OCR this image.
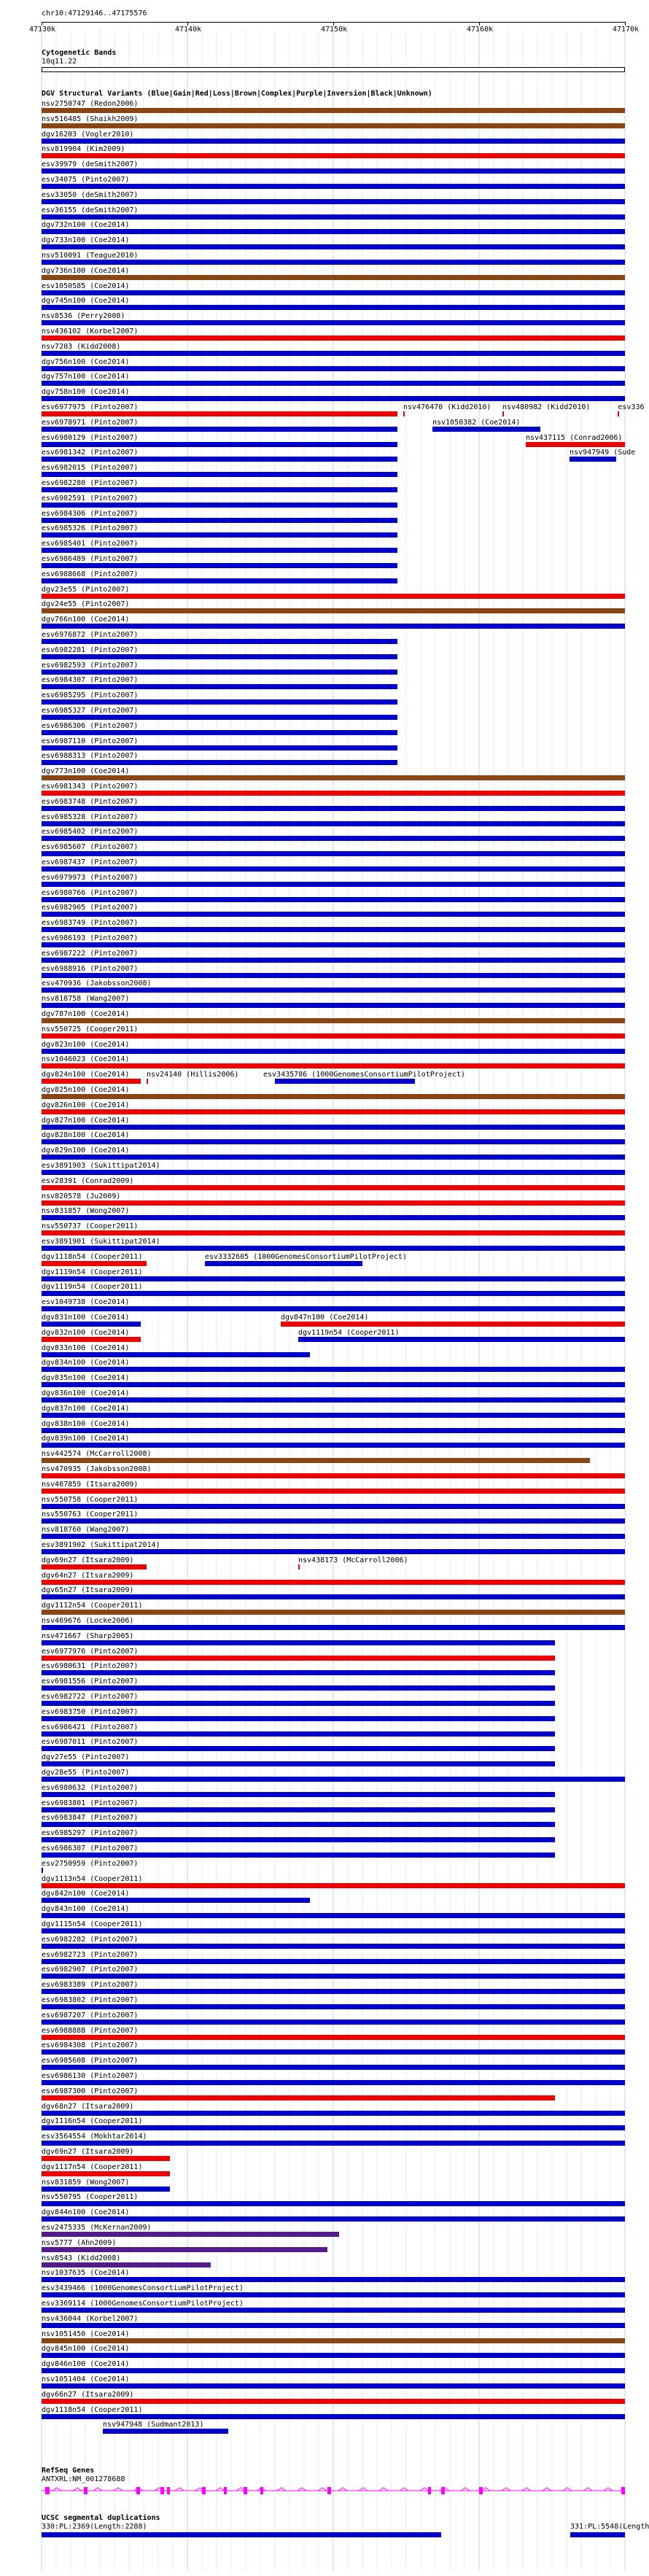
chr10:47129146..47175576
47130k	47140k	47150k	47160k	47170k
Cytogenetic Bands
10q11.22
DGV Structural Variants (Blue|Gain|Red|Loss|Brown|Complex|Purple|Inversion|Black|Unknown)
nsv2750747 (Redon2006)
nsv516485 (Shaikh2009)
dgv16203 (Vogler2010)
nsv819904 (Kim2009)
esv39979 (deSmith2007)
esv34075 (Pinto2007)
esv33050 (deSmith2007)
esv36155 (deSmith2007)
dgv732n100 (Coe2014)
dgv733n100 (Coe2014)
nsv510091 (Teague2010)
dgv736n100 (Coe2014)
esv1050585 (Coe2014)
dgv745n100 (Coe2014)
nsv8536 (Perry2008)
nsv436102 (Korbel2007)
nsv7203 (Kidd2008)
dgv756n100 (Coe2014)
dgv757n100 (Coe2014)
dgv758n100 (Coe2014)
esv6977975 (Pinto2007)	nsv476470 (Kidd2010) nsv480982 (Kidd2010)	esv336
esv6978971 (Pinto2007)	nsv1050382 (Coe2014)
esv6980129 (Pinto2007)	nsv437115 (Conrad2006)
esv6981342 (Pinto2007)	nsv947949 (Sude
esv6982015 (Pinto2007)
esv6982280 (Pinto2007)
esv6982591 (Pinto2007)
esv6984306 (Pinto2007)
esv6985326 (Pinto2007)
esv6985401 (Pinto2007)
esv6986489 (Pinto2007)
esv6988668 (Pinto2007)
dgv23e55 (Pinto2007)
dgv24e55 (Pinto2007)
dgv766n100 (Coe2014)
esv6976872 (Pinto2007)
esv6982281 (Pinto2007)
esv6982593 (Pinto2007)
esv6984307 (Pinto2007)
esv6985295 (Pinto2007)
esv6985327 (Pinto2007)
esv6986306 (Pinto2007)
esv6987110 (Pinto2007)
esv6988313 (Pinto2007)
dgv773n100 (Coe2014)
esv6981343 (Pinto2007)
esv6983748 (Pinto2007)
esv6985328 (Pinto2007)
esv6985402 (Pinto2007)
esv6985607 (Pinto2007)
esv6987437 (Pinto2007)
esv6979973 (Pinto2007)
esv6980766 (Pinto2007)
esv6982905 (Pinto2007)
esv6983749 (Pinto2007)
esv6986193 (Pinto2007)
esv6987222 (Pinto2007)
esv6988916 (Pinto2007)
esv470936 (Jakobsson2008)
nsv818758 (Wang2007)
dgv787n100 (Coe2014)
nsv550725 (Cooper2011)
dgv823n100 (Coe2014)
nsv1046023 (Coe2014)
dgv824n100 (Coe2014) nsv24140 (Hillis2006)	esv3435786 (1000GenomesConsortiumPilotProject)
dgv825n100 (Coe2014)
dgv826n100 (Coe2014)
dgv827n100 (Coe2014)
dgv828n100 (Coe2014)
dgv829n100 (Coe2014)
esv3891903 (Sukittipat2014)
esv28391 (Conrad2009)
nsv820578 (Ju2009)
nsv831857 (Wong2007)
nsv550737 (Cooper2011)
esv3891901 (Sukittipat2014)
dgv1118n54 (Cooper2011)	esv3332605 (1000GenomesConsortiumPilotProject)
dgv1119n54 (Cooper2011)
dgv1119n54 (Cooper2011)
esv1049738 (Coe2014)
dgv831n100 (Coe2014)	dgv847n100 (Coe2014)
dgv832n100 (Coe2014)	dgv1119n54 (Cooper2011)
dgv833n100 (Coe2014)
dgv834n100 (Coe2014)
dgv835n100 (Coe2014)
dgv836n100 (Coe2014)
dgv837n100 (Coe2014)
dgv838n100 (Coe2014)
dgv839n100 (Coe2014)
nsv442574 (McCarroll2008)
nsv470935 (Jakobsson2008)
nsv467859 (Itsara2009)
nsv550758 (Cooper2011)
nsv550763 (Cooper2011)
nsv818760 (Wang2007)
esv3891902 (Sukittipat2014)
dgv69n27 (Itsara2009)	nsv438173 (McCarroll2006)
dgv64n27 (Itsara2009)
dgv65n27 (Itsara2009)
dgv1112n54 (Cooper2011)
nsv469676 (Locke2006)
nsv471667 (Sharp2005)
esv6977976 (Pinto2007)
esv6980631 (Pinto2007)
esv6981556 (Pinto2007)
esv6982722 (Pinto2007)
esv6983750 (Pinto2007)
esv6986421 (Pinto2007)
esv6987011 (Pinto2007)
dgv27e55 (Pinto2007)
dgv28e55 (Pinto2007)
esv6980632 (Pinto2007)
esv6983801 (Pinto2007)
esv6983847 (Pinto2007)
esv6985297 (Pinto2007)
esv6986307 (Pinto2007)
esv2750959 (Pinto2007)
dgv1113n54 (Cooper2011)
dgv842n100 (Coe2014)
dgv843n100 (Coe2014)
dgv1115n54 (Cooper2011)
esv6982282 (Pinto2007)
esv6982723 (Pinto2007)
esv6982907 (Pinto2007)
esv6983389 (Pinto2007)
esv6983802 (Pinto2007)
esv6987207 (Pinto2007)
esv6988888 (Pinto2007)
esv6984308 (Pinto2007)
esv6985608 (Pinto2007)
esv6986130 (Pinto2007)
esv6987300 (Pinto2007)
dgv68n27 (Itsara2009)
dgv1116n54 (Cooper2011)
esv3564554 (Mokhtar2014)
dgv69n27 (Itsara2009)
dgv1117n54 (Cooper2011)
nsv831859 (Wong2007)
nsv550795 (Cooper2011)
dgv844n100 (Coe2014)
esv2475335 (McKernan2009)
nsv5777 (Ahn2009)
nsv8543 (Kidd2008)
nsv1037635 (Coe2014)
esv3439466 (1000GenomesConsortiumPilotProject)
esv3369114 (1000GenomesConsortiumPilotProject)
nsv436044 (Korbel2007)
nsv1051450 (Coe2014)
dgv845n100 (Coe2014)
dgv846n100 (Coe2014)
nsv1051404 (Coe2014)
dgv66n27 (Itsara2009)
dgv1118n54 (Cooper2011)
nsv947948 (Sudmant2013)
RefSeq Genes
ANTXRL:NM_001278688
UCSC segmental duplications
330:PL:2369(Length:2288)	331:PL:5548(Length
